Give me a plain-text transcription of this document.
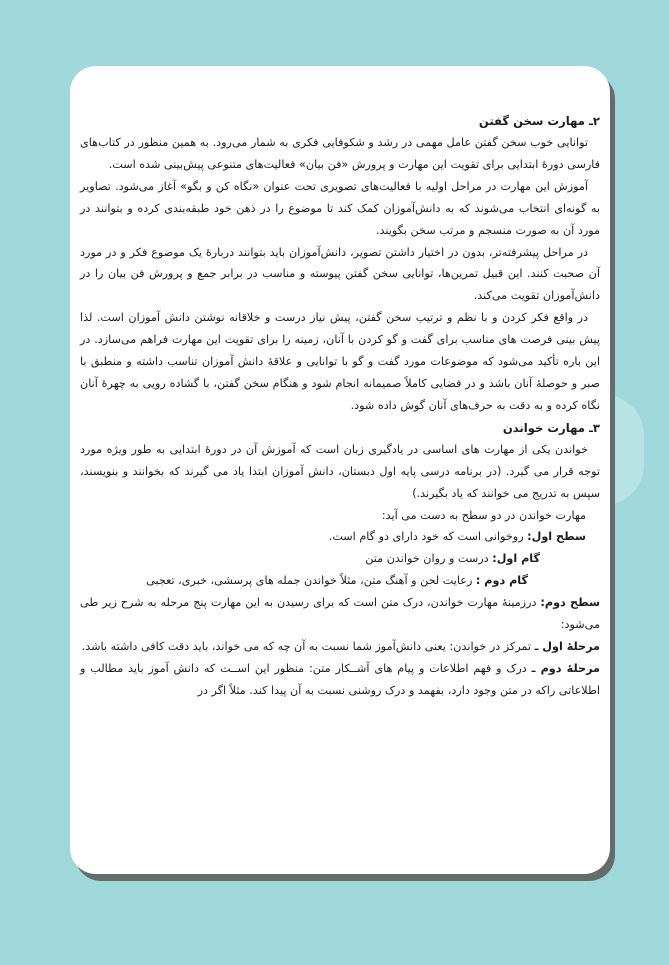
۲ـ مهارت سخن گفتن

توانایی خوب سخن گفتن عامل مهمی در رشد و شکوفایی فکری به شمار می‌رود. به همین منظور در کتاب‌های فارسی دورهٔ ابتدایی برای تقویت این مهارت و پرورش «فن بیان» فعالیت‌های متنوعی پیش‌بینی شده است.

آموزش این مهارت در مراحل اولیه با فعالیت‌های تصویری تحت عنوان «نگاه کن و بگو» آغاز می‌شود. تصاویر به گونه‌ای انتخاب می‌شوند که به دانش‌آموزان کمک کند تا موضوع را در ذهن خود طبقه‌بندی کرده و بتوانند در مورد آن به صورت منسجم و مرتب سخن بگویند.

در مراحل پیشرفته‌تر، بدون در اختیار داشتن تصویر، دانش‌آموزان باید بتوانند دربارهٔ یک موضوع فکر و در مورد آن صحبت کنند. این قبیل تمرین‌ها، توانایی سخن گفتن پیوسته و مناسب در برابر جمع و پرورش فن بیان را در دانش‌آموزان تقویت می‌کند.

در واقع فکر کردن و با نظم و ترتیب سخن گفتن، پیش نیاز درست و خلاقانه نوشتن دانش آموزان است. لذا پیش بینی فرصت های مناسب برای گفت و گو کردن با آنان، زمینه را برای تقویت این مهارت فراهم می‌سازد. در این باره تأکید می‌شود که موضوعات مورد گفت و گو با توانایی و علاقهٔ دانش آموزان تناسب داشته و منطبق با صبر و حوصلهٔ آنان باشد و در فضایی کاملاً صمیمانه انجام شود و هنگام سخن گفتن، با گشاده رویی به چهرهٔ آنان نگاه کرده و به دقت به حرف‌های آنان گوش داده شود.

۳ـ مهارت خواندن

خواندن یکی از مهارت های اساسی در یادگیری زبان است که آموزش آن در دورهٔ ابتدایی به طور ویژه مورد توجه قرار می گیرد. (در برنامه درسی پایه اول دبستان، دانش آموزان ابتدا یاد می گیرند که بخوانند و بنویسند، سپس به تدریج می خوانند که یاد بگیرند.)

مهارت خواندن در دو سطح به دست می آید:

سطح اول: روخوانی است که خود دارای دو گام است.

گام اول: درست و روان خواندن متن

گام دوم : رعایت لحن و آهنگ متن، مثلاً خواندن جمله های پرسشی، خبری، تعجبی

سطح دوم: درزمینهٔ مهارت خواندن، درک متن است که برای رسیدن به این مهارت پنج مرحله به شرح زیر طی می‌شود:

مرحلهٔ اول ـ تمرکز در خواندن: یعنی دانش‌آموز شما نسبت به آن چه که می خواند، باید دقت کافی داشته باشد.

مرحلهٔ دوم ـ درک و فهم اطلاعات و پیام های آشــکار متن: منظور این اســت که دانش آموز باید مطالب و اطلاعاتی راکه در متن وجود دارد، بفهمد و درک روشنی نسبت به آن پیدا کند. مثلاً اگر در
